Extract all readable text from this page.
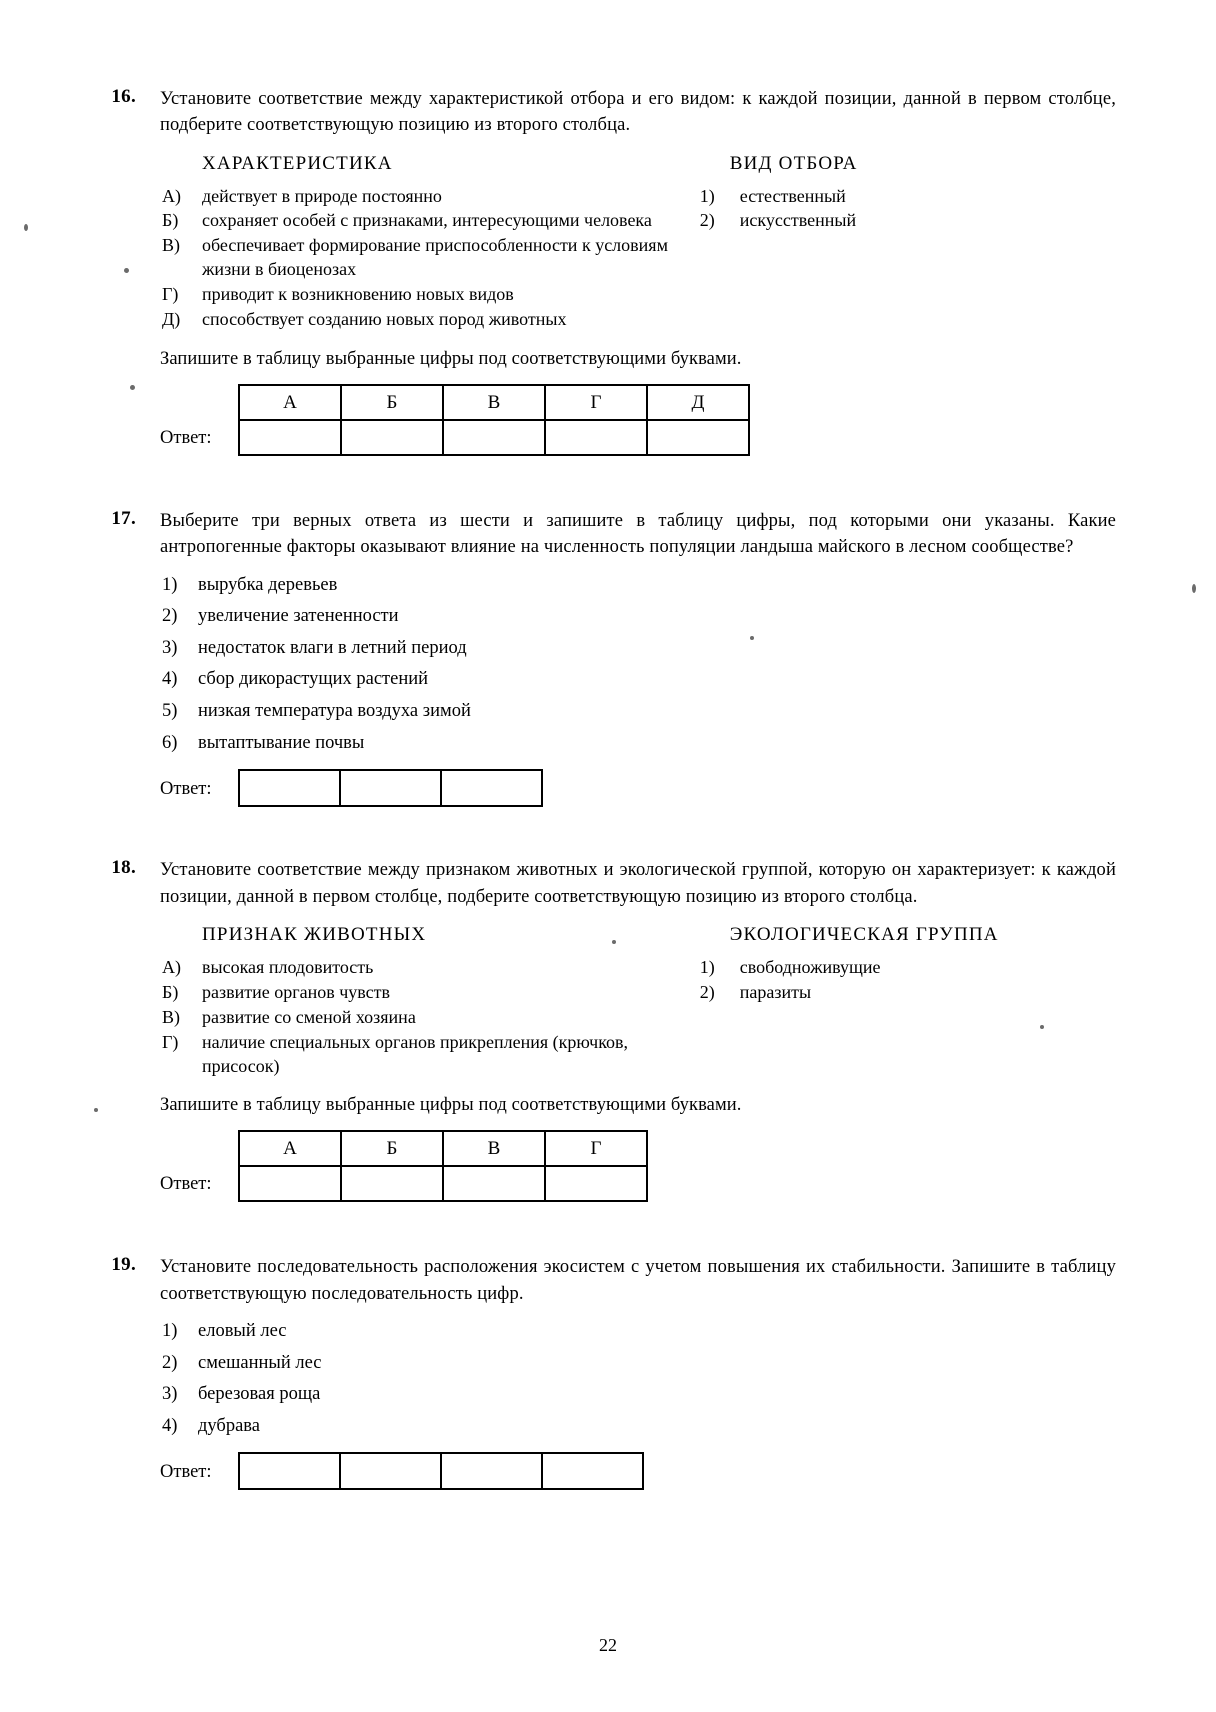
16. Установите соответствие между характеристикой отбора и его видом: к каждой позиции, данной в первом столбце, подберите соответствующую позицию из второго столбца.
ХАРАКТЕРИСТИКА
А)	действует в природе постоянно
Б)	сохраняет особей с признаками, интересующими человека
В)	обеспечивает формирование приспособленности к условиям жизни в биоценозах
Г)	приводит к возникновению новых видов
Д)	способствует созданию новых пород животных
ВИД ОТБОРА
1)	естественный
2)	искусственный
Запишите в таблицу выбранные цифры под соответствующими буквами.
Ответ:
А	Б	В	Г	Д

17. Выберите три верных ответа из шести и запишите в таблицу цифры, под которыми они указаны. Какие антропогенные факторы оказывают влияние на численность популяции ландыша майского в лесном сообществе?
1)	вырубка деревьев
2)	увеличение затененности
3)	недостаток влаги в летний период
4)	сбор дикорастущих растений
5)	низкая температура воздуха зимой
6)	вытаптывание почвы
Ответ:

18. Установите соответствие между признаком животных и экологической группой, которую он характеризует: к каждой позиции, данной в первом столбце, подберите соответствующую позицию из второго столбца.
ПРИЗНАК ЖИВОТНЫХ
А)	высокая плодовитость
Б)	развитие органов чувств
В)	развитие со сменой хозяина
Г)	наличие специальных органов прикрепления (крючков, присосок)
ЭКОЛОГИЧЕСКАЯ ГРУППА
1)	свободноживущие
2)	паразиты
Запишите в таблицу выбранные цифры под соответствующими буквами.
Ответ:
А	Б	В	Г

19. Установите последовательность расположения экосистем с учетом повышения их стабильности. Запишите в таблицу соответствующую последовательность цифр.
1)	еловый лес
2)	смешанный лес
3)	березовая роща
4)	дубрава
Ответ:

22
